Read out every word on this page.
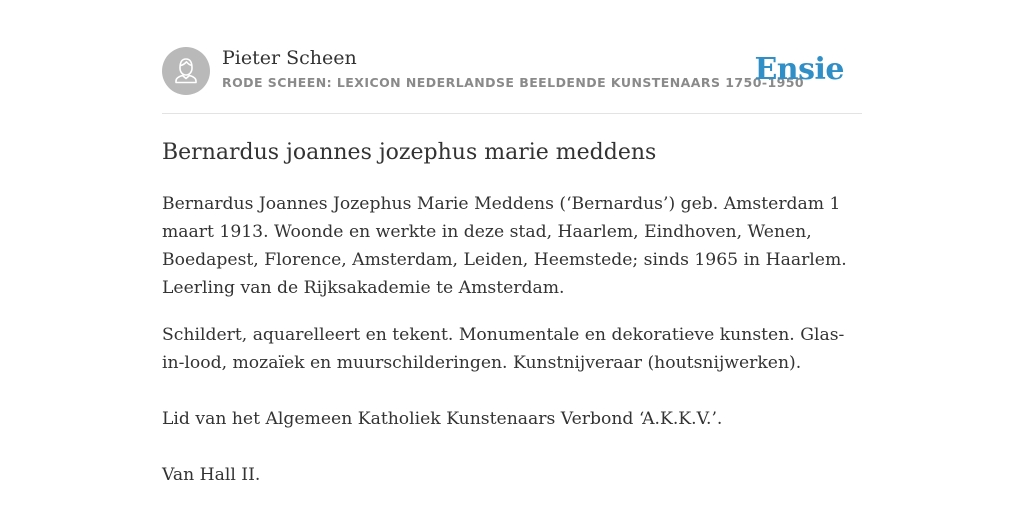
Pieter Scheen
RODE SCHEEN: LEXICON NEDERLANDSE BEELDENDE KUNSTENAARS 1750-1950
Ensie
Bernardus joannes jozephus marie meddens

Bernardus Joannes Jozephus Marie Meddens (‘Bernardus’) geb. Amsterdam 1 maart 1913. Woonde en werkte in deze stad, Haarlem, Eindhoven, Wenen, Boedapest, Florence, Amsterdam, Leiden, Heemstede; sinds 1965 in Haarlem. Leerling van de Rijksakademie te Amsterdam.

Schildert, aquarelleert en tekent. Monumentale en dekoratieve kunsten. Glas-in-lood, mozaïek en muurschilderingen. Kunstnijveraar (houtsnijwerken).

Lid van het Algemeen Katholiek Kunstenaars Verbond ‘A.K.K.V.’.

Van Hall II.
